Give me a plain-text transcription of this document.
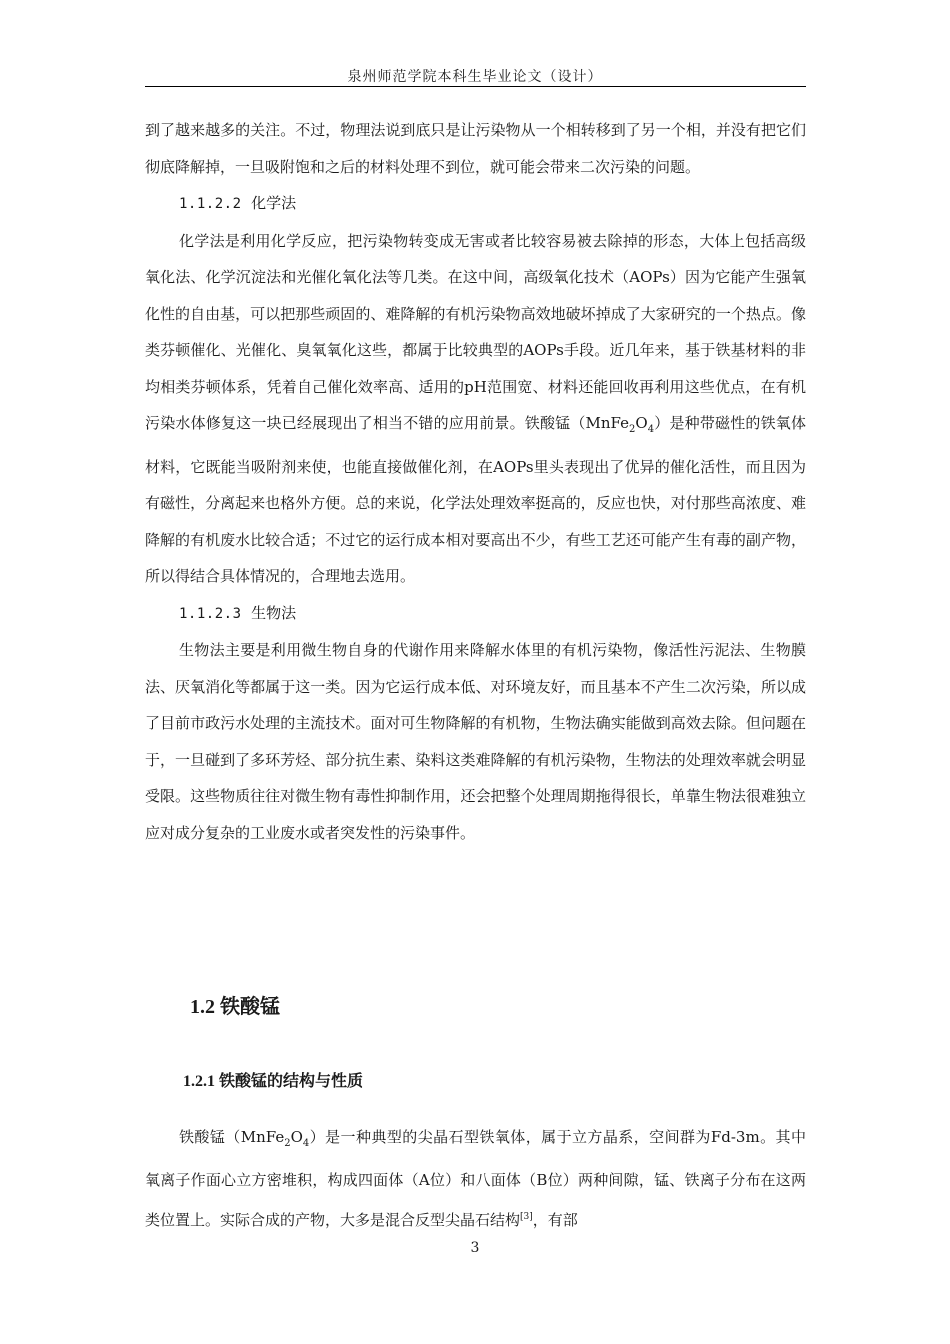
泉州师范学院本科生毕业论文（设计）

到了越来越多的关注。不过，物理法说到底只是让污染物从一个相转移到了另一个相，并没有把它们彻底降解掉，一旦吸附饱和之后的材料处理不到位，就可能会带来二次污染的问题。

1.1.2.2 化学法

化学法是利用化学反应，把污染物转变成无害或者比较容易被去除掉的形态，大体上包括高级氧化法、化学沉淀法和光催化氧化法等几类。在这中间，高级氧化技术（AOPs）因为它能产生强氧化性的自由基，可以把那些顽固的、难降解的有机污染物高效地破坏掉成了大家研究的一个热点。像类芬顿催化、光催化、臭氧氧化这些，都属于比较典型的AOPs手段。近几年来，基于铁基材料的非均相类芬顿体系，凭着自己催化效率高、适用的pH范围宽、材料还能回收再利用这些优点，在有机污染水体修复这一块已经展现出了相当不错的应用前景。铁酸锰$(MnFe_2O_4)$是种带磁性的铁氧体材料，它既能当吸附剂来使，也能直接做催化剂，在AOPs里头表现出了优异的催化活性，而且因为有磁性，分离起来也格外方便。总的来说，化学法处理效率挺高的，反应也快，对付那些高浓度、难降解的有机废水比较合适；不过它的运行成本相对要高出不少，有些工艺还可能产生有毒的副产物，所以得结合具体情况的，合理地去选用。

1.1.2.3 生物法

生物法主要是利用微生物自身的代谢作用来降解水体里的有机污染物，像活性污泥法、生物膜法、厌氧消化等都属于这一类。因为它运行成本低、对环境友好，而且基本不产生二次污染，所以成了目前市政污水处理的主流技术。面对可生物降解的有机物，生物法确实能做到高效去除。但问题在于，一旦碰到了多环芳烃、部分抗生素、染料这类难降解的有机污染物，生物法的处理效率就会明显受限。这些物质往往对微生物有毒性抑制作用，还会把整个处理周期拖得很长，单靠生物法很难独立应对成分复杂的工业废水或者突发性的污染事件。

1.2 铁酸锰
1.2.1 铁酸锰的结构与性质

铁酸锰$(MnFe_2O_4)$是一种典型的尖晶石型铁氧体，属于立方晶系，空间群为Fd-3m。其中氧离子作面心立方密堆积，构成四面体（A位）和八面体（B位）两种间隙，锰、铁离子分布在这两类位置上。实际合成的产物，大多是混合反型尖晶石结构[3]，有部

3
